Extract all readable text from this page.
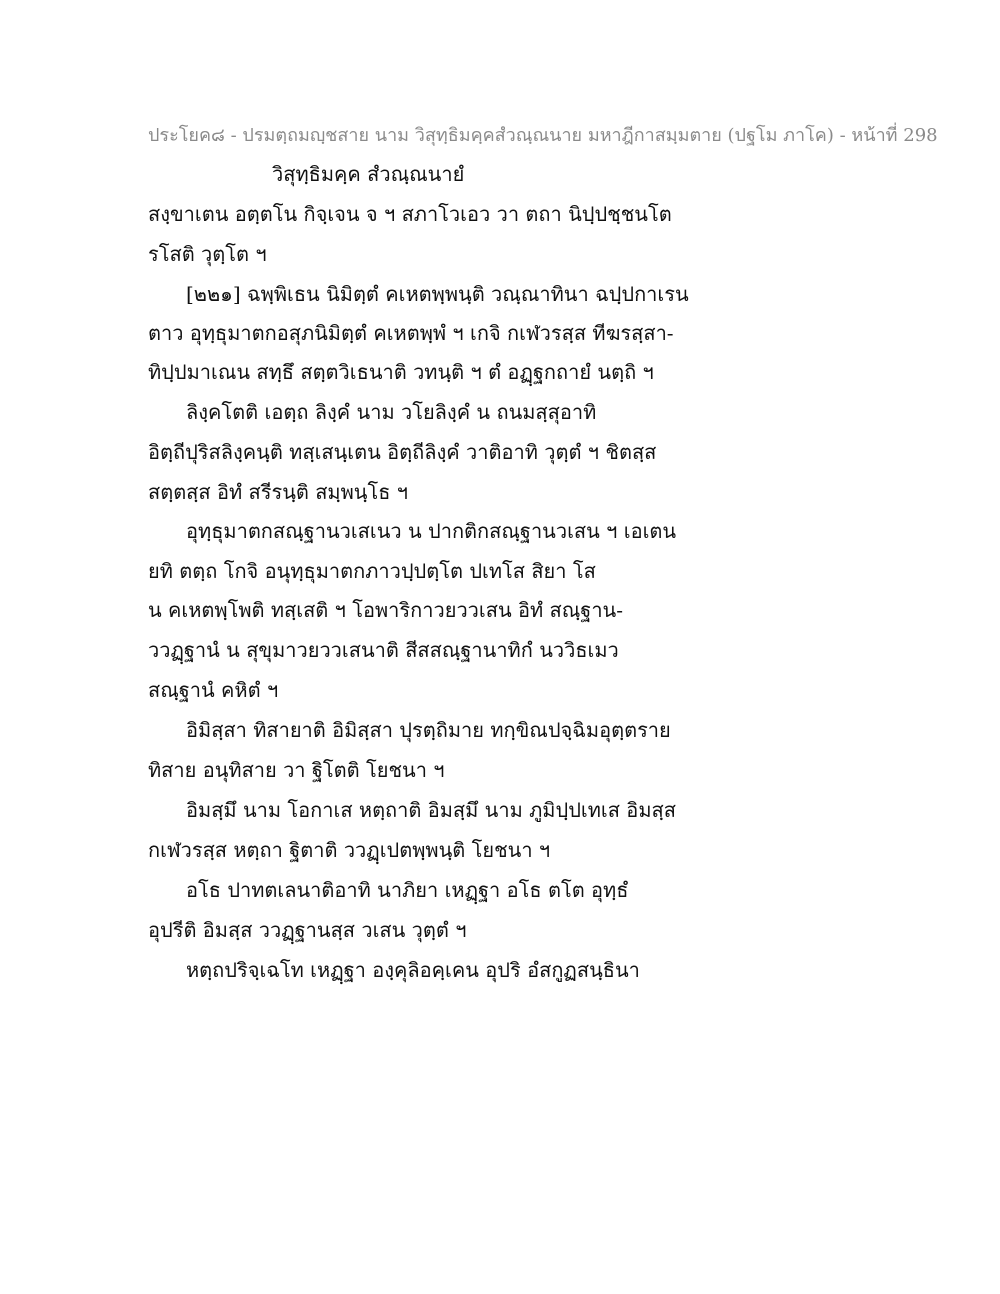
ประโยค๘ - ปรมตฺถมญฺชสาย นาม วิสุทฺธิมคฺคสํวณฺณนาย มหาฎีกาสมฺมตาย (ปฐโม ภาโค) - หน้าที่ 298
วิสุทฺธิมคฺค สํวณฺณนายํ
สงฺขาเตน อตฺตโน กิจฺเจน จ ฯ สภาโวเอว วา ตถา นิปฺปชฺชนโต
รโสติ วุตฺโต ฯ
[๒๒๑] ฉพฺพิเธน นิมิตฺตํ คเหตพฺพนฺติ วณฺณาทินา ฉปฺปกาเรน
ตาว อุทฺธุมาตกอสุภนิมิตฺตํ คเหตพฺพํ ฯ เกจิ กเฬวรสฺส ทีฆรสฺสา-
ทิปฺปมาเณน สทฺธึ สตฺตวิเธนาติ วทนฺติ ฯ ตํ อฏฺฐกถายํ นตฺถิ ฯ
ลิงฺคโตติ เอตฺถ ลิงฺคํ นาม วโยลิงฺคํ น ถนมสฺสุอาทิ
อิตฺถีปุริสลิงฺคนฺติ ทสฺเสนฺเตน อิตฺถีลิงฺคํ วาติอาทิ วุตฺตํ ฯ ชิตสฺส
สตฺตสฺส อิทํ สรีรนฺติ สมฺพนฺโธ ฯ
อุทฺธุมาตกสณฺฐานวเสเนว น ปากติกสณฺฐานวเสน ฯ เอเตน
ยทิ ตตฺถ โกจิ อนุทฺธุมาตกภาวปฺปตฺโต ปเทโส สิยา โส
น คเหตพฺโพติ ทสฺเสติ ฯ โอพาริกาวยววเสน อิทํ สณฺฐาน-
ววฏฺฐานํ น สุขุมาวยววเสนาติ สีสสณฺฐานาทิกํ นววิธเมว
สณฺฐานํ คหิตํ ฯ
อิมิสฺสา ทิสายาติ อิมิสฺสา ปุรตฺถิมาย ทกฺขิณปจฺฉิมอุตฺตราย
ทิสาย อนุทิสาย วา ฐิโตติ โยชนา ฯ
อิมสฺมึ นาม โอกาเส หตฺถาติ อิมสฺมึ นาม ภูมิปฺปเทเส อิมสฺส
กเฬวรสฺส หตฺถา ฐิตาติ ววฏฺเปตพฺพนฺติ โยชนา ฯ
อโธ ปาทตเลนาติอาทิ นาภิยา เหฏฺฐา อโธ ตโต อุทฺธํ
อุปรีติ อิมสฺส ววฏฺฐานสฺส วเสน วุตฺตํ ฯ
หตฺถปริจฺเฉโท เหฏฺฐา องฺคุลิอคฺเคน อุปริ อํสกูฏสนฺธินา
